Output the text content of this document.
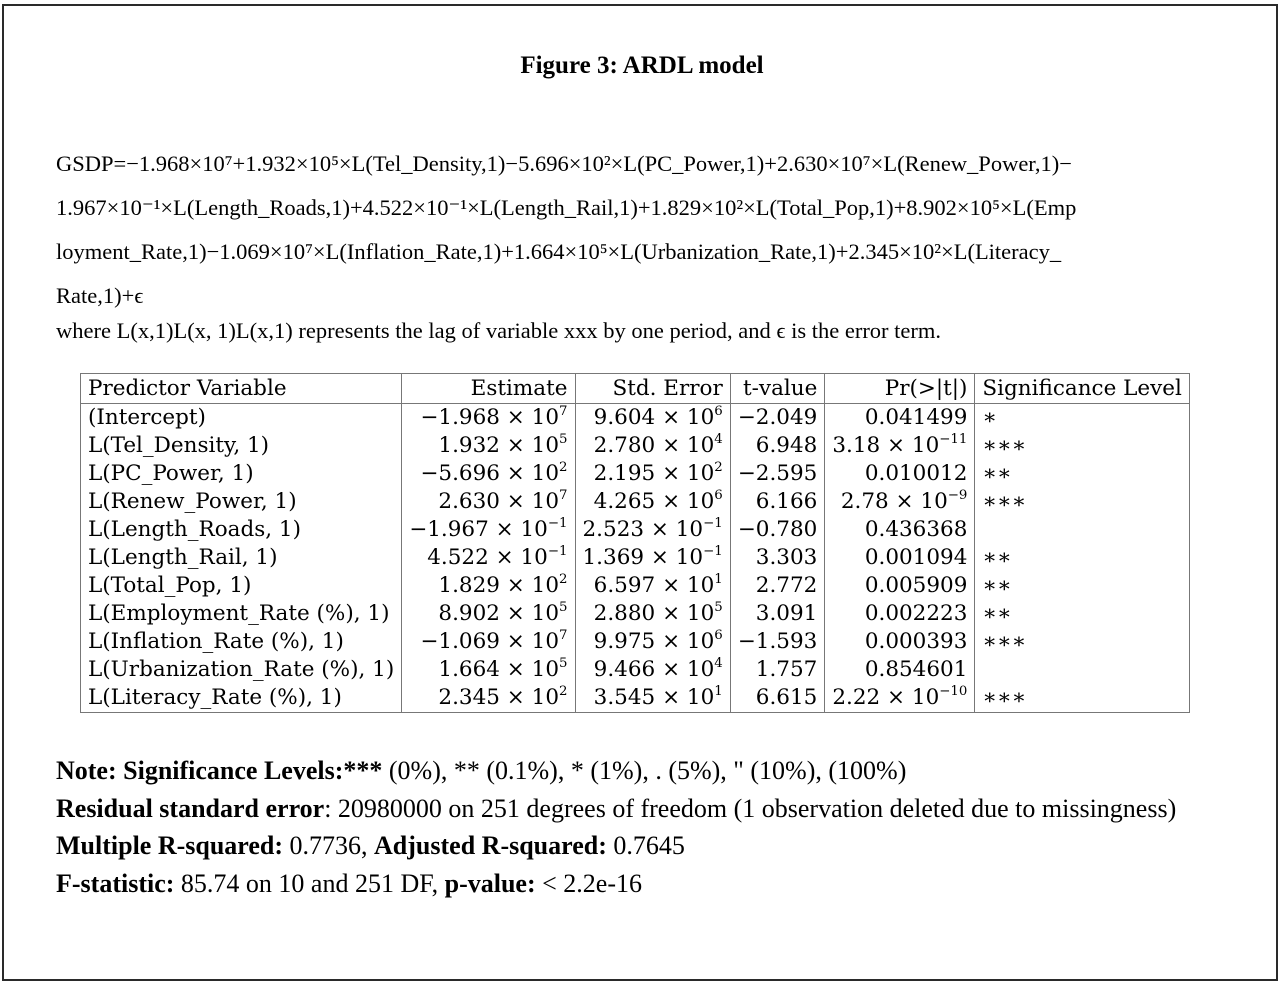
Figure 3: ARDL model
GSDP=−1.968×10⁷+1.932×10⁵×L(Tel_Density,1)−5.696×10²×L(PC_Power,1)+2.630×10⁷×L(Renew_Power,1)−
1.967×10⁻¹×L(Length_Roads,1)+4.522×10⁻¹×L(Length_Rail,1)+1.829×10²×L(Total_Pop,1)+8.902×10⁵×L(Emp
loyment_Rate,1)−1.069×10⁷×L(Inflation_Rate,1)+1.664×10⁵×L(Urbanization_Rate,1)+2.345×10²×L(Literacy_
Rate,1)+ϵ
where L(x,1)L(x, 1)L(x,1) represents the lag of variable xxx by one period, and ϵ is the error term.
Predictor Variable	Estimate	Std. Error	t-value	Pr(>|t|)	Significance Level
(Intercept)	$-1.968 \times 10^7$	$9.604 \times 10^6$	−2.049	0.041499	∗
L(Tel_Density, 1)	$1.932 \times 10^5$	$2.780 \times 10^4$	6.948	$3.18 \times 10^{-11}$	∗∗∗
L(PC_Power, 1)	$-5.696 \times 10^2$	$2.195 \times 10^2$	−2.595	0.010012	∗∗
L(Renew_Power, 1)	$2.630 \times 10^7$	$4.265 \times 10^6$	6.166	$2.78 \times 10^{-9}$	∗∗∗
L(Length_Roads, 1)	$-1.967 \times 10^{-1}$	$2.523 \times 10^{-1}$	−0.780	0.436368	
L(Length_Rail, 1)	$4.522 \times 10^{-1}$	$1.369 \times 10^{-1}$	3.303	0.001094	∗∗
L(Total_Pop, 1)	$1.829 \times 10^2$	$6.597 \times 10^1$	2.772	0.005909	∗∗
L(Employment_Rate (%), 1)	$8.902 \times 10^5$	$2.880 \times 10^5$	3.091	0.002223	∗∗
L(Inflation_Rate (%), 1)	$-1.069 \times 10^7$	$9.975 \times 10^6$	−1.593	0.000393	∗∗∗
L(Urbanization_Rate (%), 1)	$1.664 \times 10^5$	$9.466 \times 10^4$	1.757	0.854601	
L(Literacy_Rate (%), 1)	$2.345 \times 10^2$	$3.545 \times 10^1$	6.615	$2.22 \times 10^{-10}$	∗∗∗

Note: Significance Levels:*** (0%), ** (0.1%), * (1%), . (5%), " (10%), (100%)

Residual standard error: 20980000 on 251 degrees of freedom (1 observation deleted due to missingness)

Multiple R-squared: 0.7736, Adjusted R-squared: 0.7645

F-statistic: 85.74 on 10 and 251 DF, p-value: < 2.2e-16
